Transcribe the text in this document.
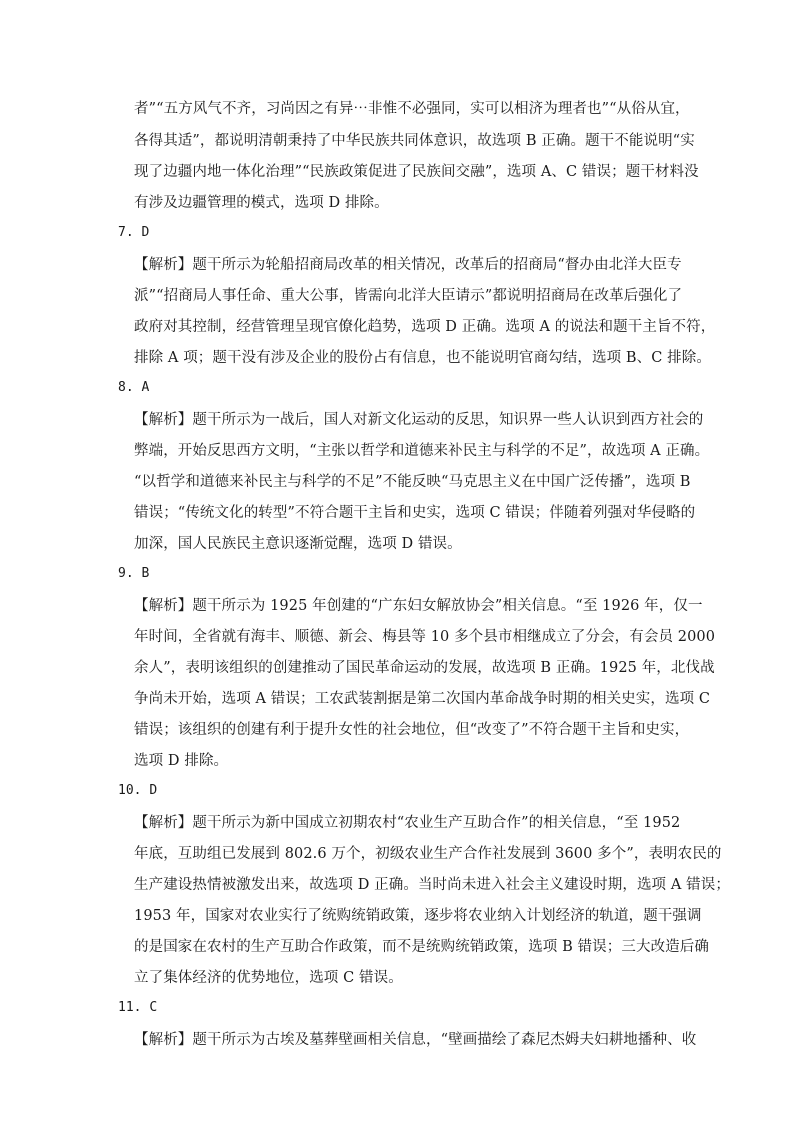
者”“五方风气不齐，习尚因之有异⋯非惟不必强同，实可以相济为理者也”“从俗从宜，
各得其适”，都说明清朝秉持了中华民族共同体意识，故选项 B 正确。题干不能说明“实
现了边疆内地一体化治理”“民族政策促进了民族间交融”，选项 A、C 错误；题干材料没
有涉及边疆管理的模式，选项 D 排除。
7. D
【解析】题干所示为轮船招商局改革的相关情况，改革后的招商局“督办由北洋大臣专
派”“招商局人事任命、重大公事，皆需向北洋大臣请示”都说明招商局在改革后强化了
政府对其控制，经营管理呈现官僚化趋势，选项 D 正确。选项 A 的说法和题干主旨不符，
排除 A 项；题干没有涉及企业的股份占有信息，也不能说明官商勾结，选项 B、C 排除。
8. A
【解析】题干所示为一战后，国人对新文化运动的反思，知识界一些人认识到西方社会的
弊端，开始反思西方文明，“主张以哲学和道德来补民主与科学的不足”，故选项 A 正确。
“以哲学和道德来补民主与科学的不足”不能反映“马克思主义在中国广泛传播”，选项 B
错误；“传统文化的转型”不符合题干主旨和史实，选项 C 错误；伴随着列强对华侵略的
加深，国人民族民主意识逐渐觉醒，选项 D 错误。
9. B
【解析】题干所示为 1925 年创建的“广东妇女解放协会”相关信息。“至 1926 年，仅一
年时间，全省就有海丰、顺德、新会、梅县等 10 多个县市相继成立了分会，有会员 2000
余人”，表明该组织的创建推动了国民革命运动的发展，故选项 B 正确。1925 年，北伐战
争尚未开始，选项 A 错误；工农武装割据是第二次国内革命战争时期的相关史实，选项 C
错误；该组织的创建有利于提升女性的社会地位，但“改变了”不符合题干主旨和史实，
选项 D 排除。
10. D
【解析】题干所示为新中国成立初期农村“农业生产互助合作”的相关信息，“至 1952
年底，互助组已发展到 802.6 万个，初级农业生产合作社发展到 3600 多个”，表明农民的
生产建设热情被激发出来，故选项 D 正确。当时尚未进入社会主义建设时期，选项 A 错误；
1953 年，国家对农业实行了统购统销政策，逐步将农业纳入计划经济的轨道，题干强调
的是国家在农村的生产互助合作政策，而不是统购统销政策，选项 B 错误；三大改造后确
立了集体经济的优势地位，选项 C 错误。
11. C
【解析】题干所示为古埃及墓葬壁画相关信息，“壁画描绘了森尼杰姆夫妇耕地播种、收
